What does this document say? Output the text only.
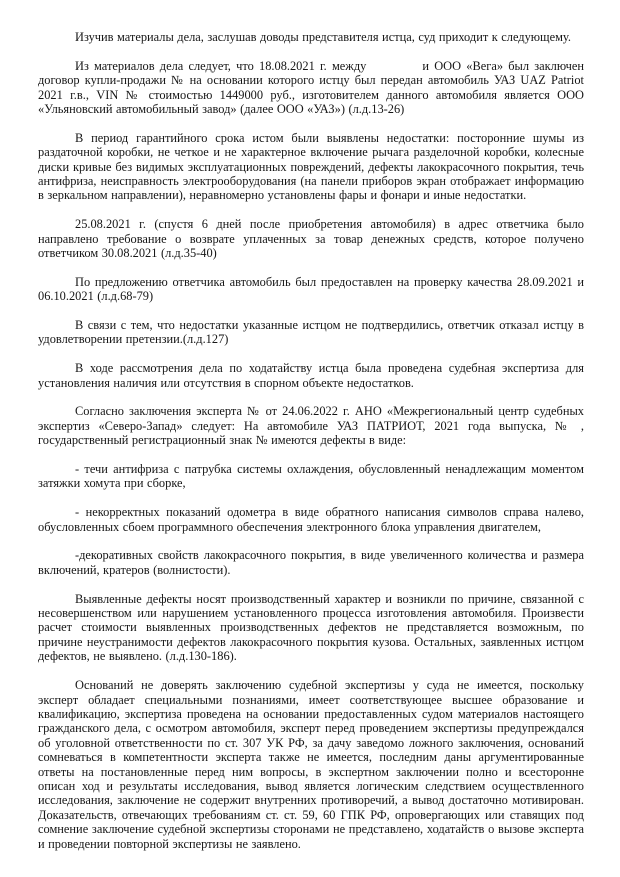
Изучив материалы дела, заслушав доводы представителя истца, суд приходит к следующему.

Из материалов дела следует, что 18.08.2021 г. между	и ООО «Вега» был заключен договор купли-продажи № на основании которого истцу был передан автомобиль УАЗ UAZ Patriot 2021 г.в., VIN № стоимостью 1449000 руб., изготовителем данного автомобиля является ООО «Ульяновский автомобильный завод» (далее ООО «УАЗ») (л.д.13-26)

В период гарантийного срока истом были выявлены недостатки: посторонние шумы из раздаточной коробки, не четкое и не характерное включение рычага разделочной коробки, колесные диски кривые без видимых эксплуатационных повреждений, дефекты лакокрасочного покрытия, течь антифриза, неисправность электрооборудования (на панели приборов экран отображает информацию в зеркальном направлении), неравномерно установлены фары и фонари и иные недостатки.

25.08.2021 г. (спустя 6 дней после приобретения автомобиля) в адрес ответчика было направлено требование о возврате уплаченных за товар денежных средств, которое получено ответчиком 30.08.2021 (л.д.35-40)

По предложению ответчика автомобиль был предоставлен на проверку качества 28.09.2021 и 06.10.2021 (л.д.68-79)

В связи с тем, что недостатки указанные истцом не подтвердились, ответчик отказал истцу в удовлетворении претензии.(л.д.127)

В ходе рассмотрения дела по ходатайству истца была проведена судебная экспертиза для установления наличия или отсутствия в спорном объекте недостатков.

Согласно заключения эксперта № от 24.06.2022 г. АНО «Межрегиональный центр судебных экспертиз «Северо-Запад» следует: На автомобиле УАЗ ПАТРИОТ, 2021 года выпуска, № , государственный регистрационный знак № имеются дефекты в виде:

- течи антифриза с патрубка системы охлаждения, обусловленный ненадлежащим моментом затяжки хомута при сборке,

- некорректных показаний одометра в виде обратного написания символов справа налево, обусловленных сбоем программного обеспечения электронного блока управления двигателем,

-декоративных свойств лакокрасочного покрытия, в виде увеличенного количества и размера включений, кратеров (волнистости).

Выявленные дефекты носят производственный характер и возникли по причине, связанной с несовершенством или нарушением установленного процесса изготовления автомобиля. Произвести расчет стоимости выявленных производственных дефектов не представляется возможным, по причине неустранимости дефектов лакокрасочного покрытия кузова. Остальных, заявленных истцом дефектов, не выявлено. (л.д.130-186).

Оснований не доверять заключению судебной экспертизы у суда не имеется, поскольку эксперт обладает специальными познаниями, имеет соответствующее высшее образование и квалификацию, экспертиза проведена на основании предоставленных судом материалов настоящего гражданского дела, с осмотром автомобиля, эксперт перед проведением экспертизы предупреждался об уголовной ответственности по ст. 307 УК РФ, за дачу заведомо ложного заключения, оснований сомневаться в компетентности эксперта также не имеется, последним даны аргументированные ответы на постановленные перед ним вопросы, в экспертном заключении полно и всесторонне описан ход и результаты исследования, вывод является логическим следствием осуществленного исследования, заключение не содержит внутренних противоречий, а вывод достаточно мотивирован. Доказательств, отвечающих требованиям ст. ст. 59, 60 ГПК РФ, опровергающих или ставящих под сомнение заключение судебной экспертизы сторонами не представлено, ходатайств о вызове эксперта и проведении повторной экспертизы не заявлено.
